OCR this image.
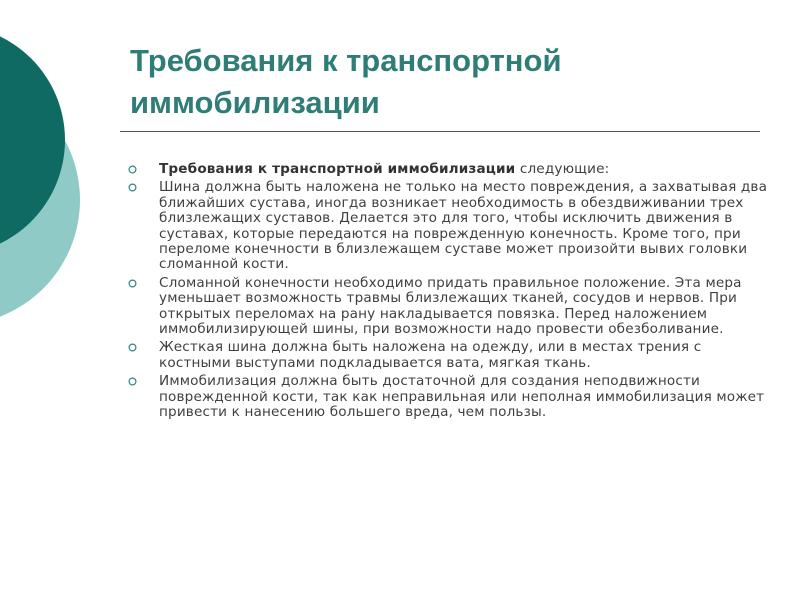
Требования к транспортной иммобилизации
Требования к транспортной иммобилизации следующие:
Шина должна быть наложена не только на место повреждения, а захватывая два ближайших сустава, иногда возникает необходимость в обездвиживании трех близлежащих суставов. Делается это для того, чтобы исключить движения в суставах, которые передаются на поврежденную конечность. Кроме того, при переломе конечности в близлежащем суставе может произойти вывих головки сломанной кости.
Сломанной конечности необходимо придать правильное положение. Эта мера уменьшает возможность травмы близлежащих тканей, сосудов и нервов. При открытых переломах на рану накладывается повязка. Перед наложением иммобилизирующей шины, при возможности надо провести обезболивание.
Жесткая шина должна быть наложена на одежду, или в местах трения с костными выступами подкладывается вата, мягкая ткань.
Иммобилизация должна быть достаточной для создания неподвижности поврежденной кости, так как неправильная или неполная иммобилизация может привести к нанесению большего вреда, чем пользы.
